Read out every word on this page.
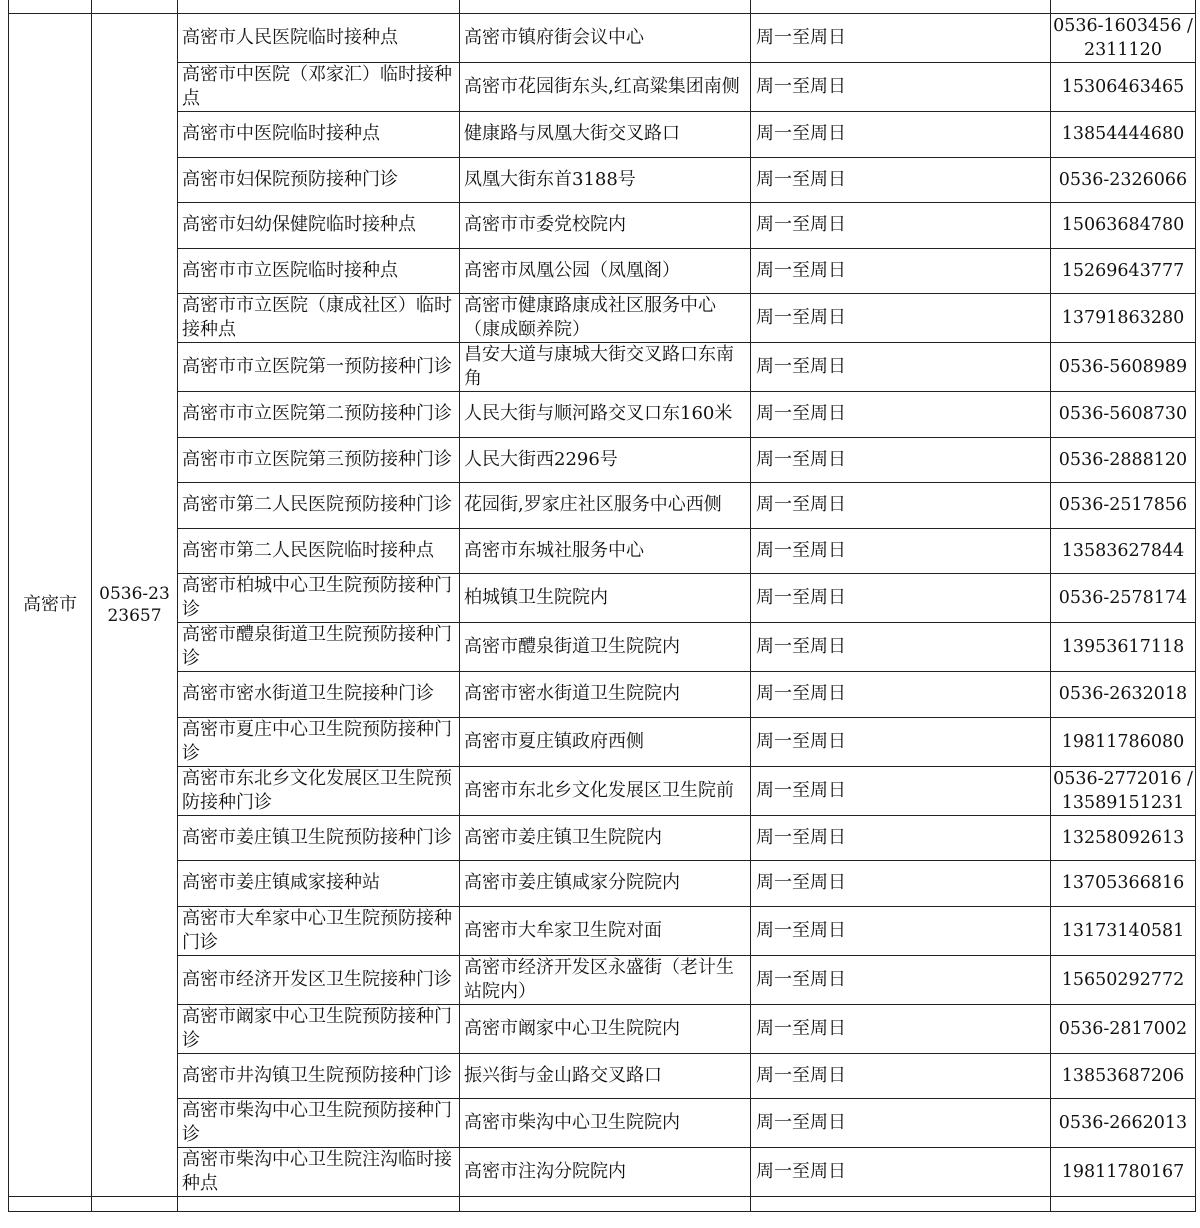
高密市	0536-2323657	高密市人民医院临时接种点	高密市镇府街会议中心	周一至周日	0536-1603456 /2311120
		高密市中医院（邓家汇）临时接种点	高密市花园街东头,红高粱集团南侧	周一至周日	15306463465
		高密市中医院临时接种点	健康路与凤凰大街交叉路口	周一至周日	13854444680
		高密市妇保院预防接种门诊	凤凰大街东首3188号	周一至周日	0536-2326066
		高密市妇幼保健院临时接种点	高密市市委党校院内	周一至周日	15063684780
		高密市市立医院临时接种点	高密市凤凰公园（凤凰阁）	周一至周日	15269643777
		高密市市立医院（康成社区）临时接种点	高密市健康路康成社区服务中心（康成颐养院）	周一至周日	13791863280
		高密市市立医院第一预防接种门诊	昌安大道与康城大街交叉路口东南角	周一至周日	0536-5608989
		高密市市立医院第二预防接种门诊	人民大街与顺河路交叉口东160米	周一至周日	0536-5608730
		高密市市立医院第三预防接种门诊	人民大街西2296号	周一至周日	0536-2888120
		高密市第二人民医院预防接种门诊	花园街,罗家庄社区服务中心西侧	周一至周日	0536-2517856
		高密市第二人民医院临时接种点	高密市东城社服务中心	周一至周日	13583627844
		高密市柏城中心卫生院预防接种门诊	柏城镇卫生院院内	周一至周日	0536-2578174
		高密市醴泉街道卫生院预防接种门诊	高密市醴泉街道卫生院院内	周一至周日	13953617118
		高密市密水街道卫生院接种门诊	高密市密水街道卫生院院内	周一至周日	0536-2632018
		高密市夏庄中心卫生院预防接种门诊	高密市夏庄镇政府西侧	周一至周日	19811786080
		高密市东北乡文化发展区卫生院预防接种门诊	高密市东北乡文化发展区卫生院前	周一至周日	0536-2772016 /13589151231
		高密市姜庄镇卫生院预防接种门诊	高密市姜庄镇卫生院院内	周一至周日	13258092613
		高密市姜庄镇咸家接种站	高密市姜庄镇咸家分院院内	周一至周日	13705366816
		高密市大牟家中心卫生院预防接种门诊	高密市大牟家卫生院对面	周一至周日	13173140581
		高密市经济开发区卫生院接种门诊	高密市经济开发区永盛街（老计生站院内）	周一至周日	15650292772
		高密市阚家中心卫生院预防接种门诊	高密市阚家中心卫生院院内	周一至周日	0536-2817002
		高密市井沟镇卫生院预防接种门诊	振兴街与金山路交叉路口	周一至周日	13853687206
		高密市柴沟中心卫生院预防接种门诊	高密市柴沟中心卫生院院内	周一至周日	0536-2662013
		高密市柴沟中心卫生院注沟临时接种点	高密市注沟分院院内	周一至周日	19811780167
